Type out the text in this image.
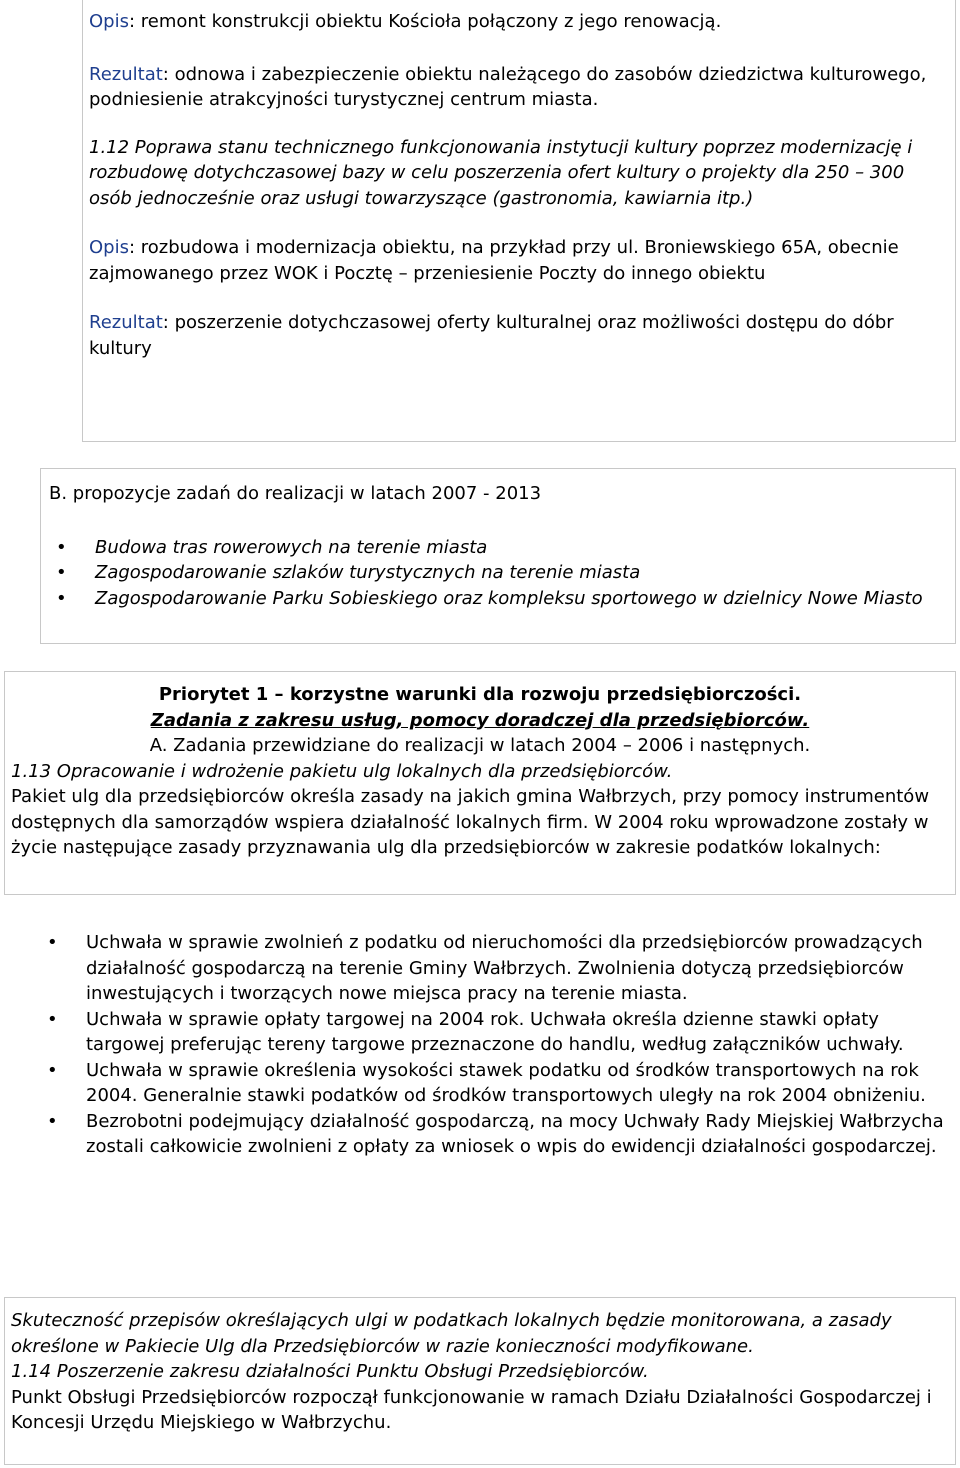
Opis: remont konstrukcji obiektu Kościoła połączony z jego renowacją.

Rezultat: odnowa i zabezpieczenie obiektu należącego do zasobów dziedzictwa kulturowego, podniesienie atrakcyjności turystycznej centrum miasta.

1.12 Poprawa stanu technicznego funkcjonowania instytucji kultury poprzez modernizację i rozbudowę dotychczasowej bazy w celu poszerzenia ofert kultury o projekty dla 250 – 300 osób jednocześnie oraz usługi towarzyszące (gastronomia, kawiarnia itp.)

Opis: rozbudowa i modernizacja obiektu, na przykład przy ul. Broniewskiego 65A, obecnie zajmowanego przez WOK i Pocztę – przeniesienie Poczty do innego obiektu

Rezultat: poszerzenie dotychczasowej oferty kulturalnej oraz możliwości dostępu do dóbr kultury

B. propozycje zadań do realizacji w latach 2007 - 2013

• Budowa tras rowerowych na terenie miasta
• Zagospodarowanie szlaków turystycznych na terenie miasta
• Zagospodarowanie Parku Sobieskiego oraz kompleksu sportowego w dzielnicy Nowe Miasto

Priorytet 1 – korzystne warunki dla rozwoju przedsiębiorczości.

Zadania z zakresu usług, pomocy doradczej dla przedsiębiorców.

A. Zadania przewidziane do realizacji w latach 2004 – 2006 i następnych.

1.13 Opracowanie i wdrożenie pakietu ulg lokalnych dla przedsiębiorców.

Pakiet ulg dla przedsiębiorców określa zasady na jakich gmina Wałbrzych, przy pomocy instrumentów dostępnych dla samorządów wspiera działalność lokalnych firm. W 2004 roku wprowadzone zostały w życie następujące zasady przyznawania ulg dla przedsiębiorców w zakresie podatków lokalnych:

• Uchwała w sprawie zwolnień z podatku od nieruchomości dla przedsiębiorców prowadzących działalność gospodarczą na terenie Gminy Wałbrzych. Zwolnienia dotyczą przedsiębiorców inwestujących i tworzących nowe miejsca pracy na terenie miasta.
• Uchwała w sprawie opłaty targowej na 2004 rok. Uchwała określa dzienne stawki opłaty targowej preferując tereny targowe przeznaczone do handlu, według załączników uchwały.
• Uchwała w sprawie określenia wysokości stawek podatku od środków transportowych na rok 2004. Generalnie stawki podatków od środków transportowych uległy na rok 2004 obniżeniu.
• Bezrobotni podejmujący działalność gospodarczą, na mocy Uchwały Rady Miejskiej Wałbrzycha zostali całkowicie zwolnieni z opłaty za wniosek o wpis do ewidencji działalności gospodarczej.

Skuteczność przepisów określających ulgi w podatkach lokalnych będzie monitorowana, a zasady określone w Pakiecie Ulg dla Przedsiębiorców w razie konieczności modyfikowane.

1.14 Poszerzenie zakresu działalności Punktu Obsługi Przedsiębiorców.

Punkt Obsługi Przedsiębiorców rozpoczął funkcjonowanie w ramach Działu Działalności Gospodarczej i Koncesji Urzędu Miejskiego w Wałbrzychu.
